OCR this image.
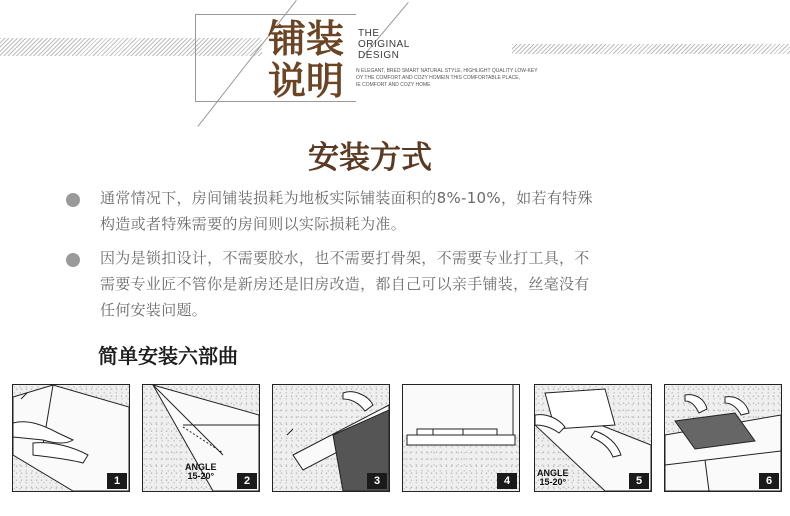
铺装
说明
THE
ORIGINAL
DESIGN
N ELEGANT, BRED SMART NATURAL STYLE, HIGHLIGHT QUALITY LOW-KEY
OY THE COMFORT AND COZY HOMEIN THIS COMFORTABLE PLACE,
IE COMFORT AND COZY HOME
安装方式
通常情况下，房间铺装损耗为地板实际铺装面积的8%-10%，如若有特殊
构造或者特殊需要的房间则以实际损耗为准。
因为是锁扣设计，不需要胶水，也不需要打骨架，不需要专业打工具，不
需要专业匠不管你是新房还是旧房改造，都自己可以亲手铺装，丝毫没有
任何安装问题。
简单安装六部曲
1
ANGLE
15-20°	2	3	4
ANGLE
15-20°	5	6
